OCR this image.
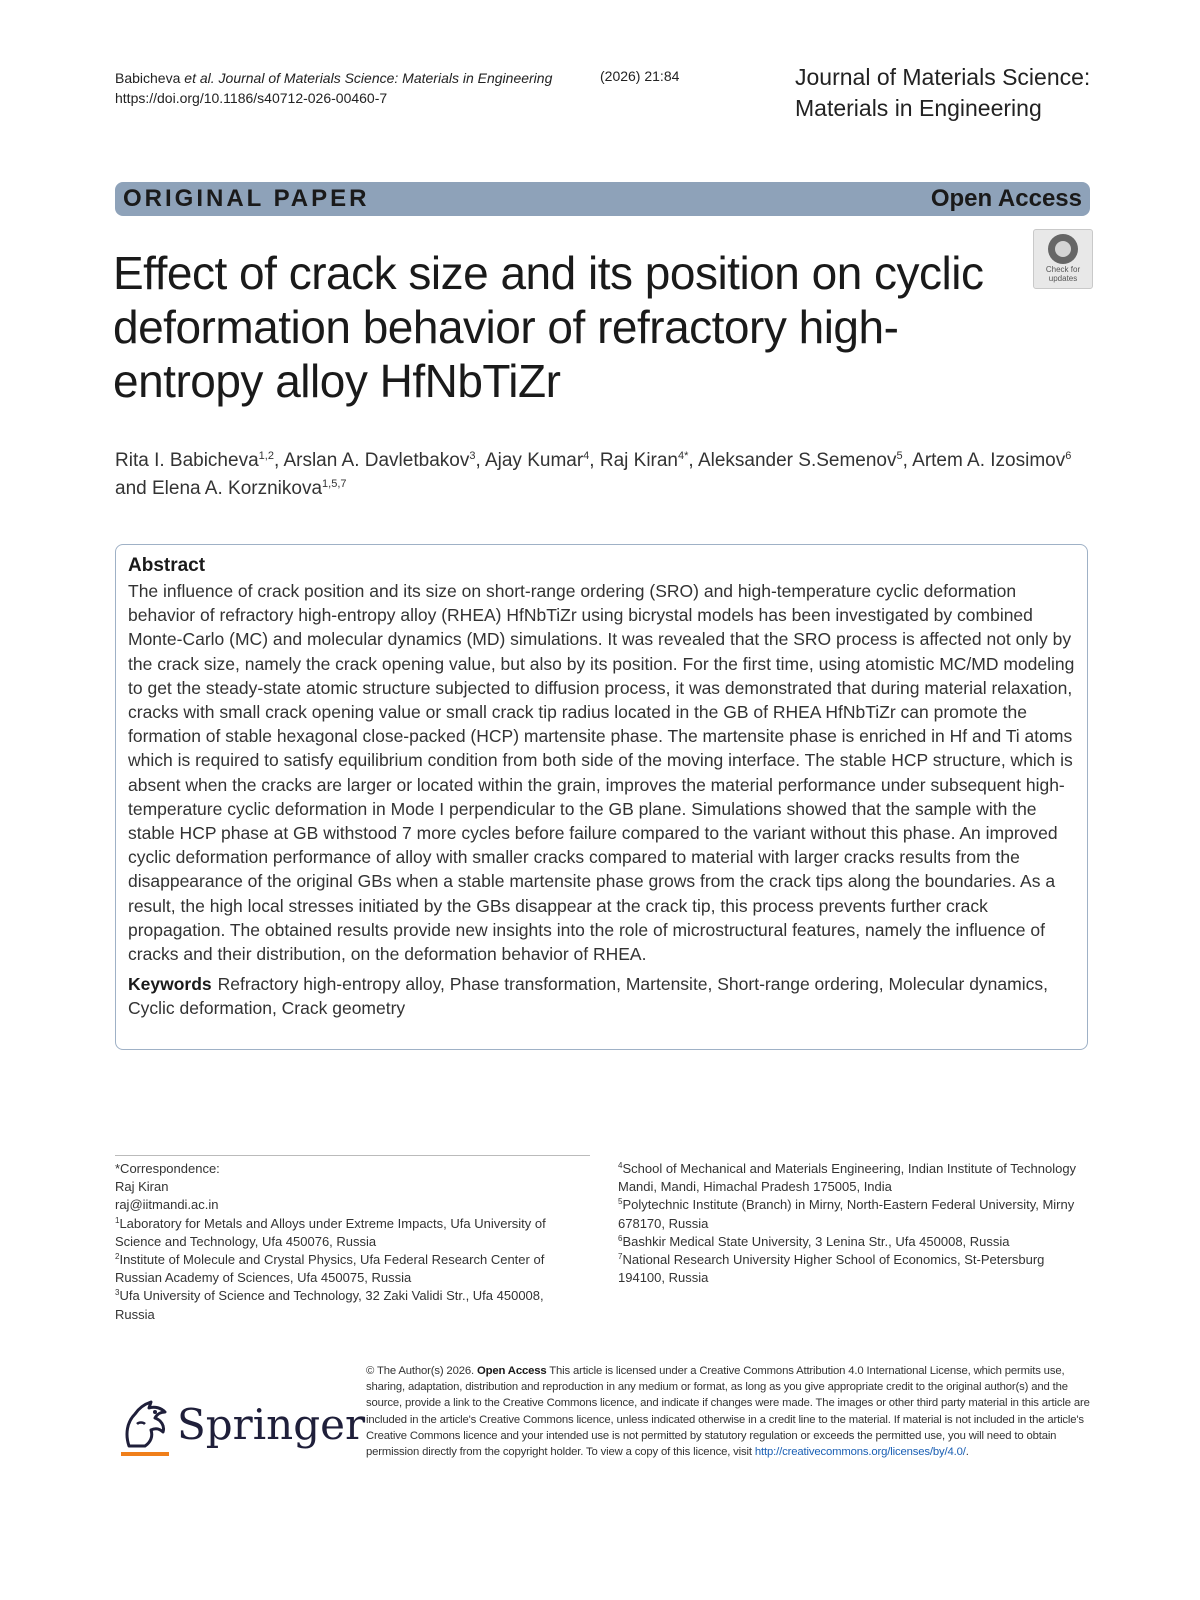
Babicheva et al. Journal of Materials Science: Materials in Engineering
https://doi.org/10.1186/s40712-026-00460-7
(2026) 21:84	Journal of Materials Science:
Materials in Engineering
ORIGINAL PAPER	Open Access
Check for
updates
Effect of crack size and its position on cyclic deformation behavior of refractory high-entropy alloy HfNbTiZr
Rita I. Babicheva$^{1,2}$, Arslan A. Davletbakov$^3$, Ajay Kumar$^4$, Raj Kiran$^{4*}$, Aleksander S.Semenov$^5$, Artem A. Izosimov$^6$ and Elena A. Korznikova$^{1,5,7}$
Abstract
The influence of crack position and its size on short-range ordering (SRO) and high-temperature cyclic deformation behavior of refractory high-entropy alloy (RHEA) HfNbTiZr using bicrystal models has been investigated by combined Monte-Carlo (MC) and molecular dynamics (MD) simulations. It was revealed that the SRO process is affected not only by the crack size, namely the crack opening value, but also by its position. For the first time, using atomistic MC/MD modeling to get the steady-state atomic structure subjected to diffusion process, it was demonstrated that during material relaxation, cracks with small crack opening value or small crack tip radius located in the GB of RHEA HfNbTiZr can promote the formation of stable hexagonal close-packed (HCP) martensite phase. The martensite phase is enriched in Hf and Ti atoms which is required to satisfy equilibrium condition from both side of the moving interface. The stable HCP structure, which is absent when the cracks are larger or located within the grain, improves the material performance under subsequent high-temperature cyclic deformation in Mode I perpendicular to the GB plane. Simulations showed that the sample with the stable HCP phase at GB withstood 7 more cycles before failure compared to the variant without this phase. An improved cyclic deformation performance of alloy with smaller cracks compared to material with larger cracks results from the disappearance of the original GBs when a stable martensite phase grows from the crack tips along the boundaries. As a result, the high local stresses initiated by the GBs disappear at the crack tip, this process prevents further crack propagation. The obtained results provide new insights into the role of microstructural features, namely the influence of cracks and their distribution, on the deformation behavior of RHEA.
Keywords Refractory high-entropy alloy, Phase transformation, Martensite, Short-range ordering, Molecular dynamics, Cyclic deformation, Crack geometry
*Correspondence:
Raj Kiran
raj@iitmandi.ac.in
$^1$Laboratory for Metals and Alloys under Extreme Impacts, Ufa University of Science and Technology, Ufa 450076, Russia
$^2$Institute of Molecule and Crystal Physics, Ufa Federal Research Center of Russian Academy of Sciences, Ufa 450075, Russia
$^3$Ufa University of Science and Technology, 32 Zaki Validi Str., Ufa 450008, Russia
$^4$School of Mechanical and Materials Engineering, Indian Institute of Technology Mandi, Mandi, Himachal Pradesh 175005, India
$^5$Polytechnic Institute (Branch) in Mirny, North-Eastern Federal University, Mirny 678170, Russia
$^6$Bashkir Medical State University, 3 Lenina Str., Ufa 450008, Russia
$^7$National Research University Higher School of Economics, St-Petersburg 194100, Russia
Springer
© The Author(s) 2026. Open Access This article is licensed under a Creative Commons Attribution 4.0 International License, which permits use, sharing, adaptation, distribution and reproduction in any medium or format, as long as you give appropriate credit to the original author(s) and the source, provide a link to the Creative Commons licence, and indicate if changes were made. The images or other third party material in this article are included in the article's Creative Commons licence, unless indicated otherwise in a credit line to the material. If material is not included in the article's Creative Commons licence and your intended use is not permitted by statutory regulation or exceeds the permitted use, you will need to obtain permission directly from the copyright holder. To view a copy of this licence, visit http://creativecommons.org/licenses/by/4.0/.
